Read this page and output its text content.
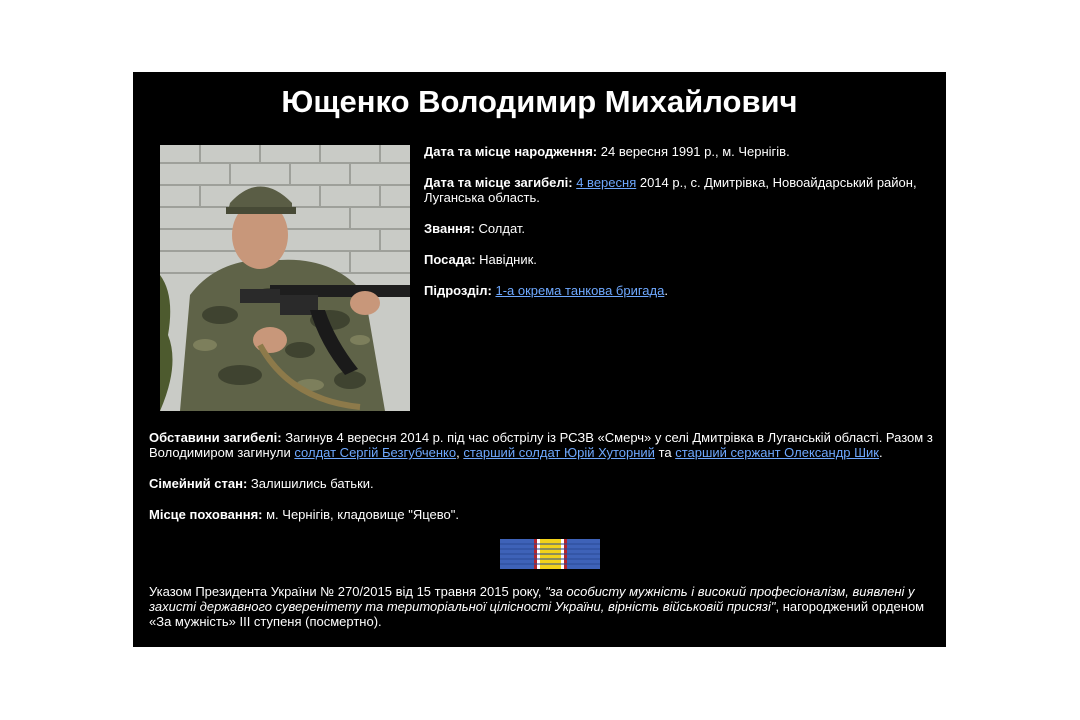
Ющенко Володимир Михайлович

Дата та місце народження: 24 вересня 1991 р., м. Чернігів.

Дата та місце загибелі: 4 вересня 2014 р., с. Дмитрівка, Новоайдарський район, Луганська область.

Звання: Солдат.

Посада: Навідник.

Підрозділ: 1-а окрема танкова бригада.

Обставини загибелі: Загинув 4 вересня 2014 р. під час обстрілу із РСЗВ «Смерч» у селі Дмитрівка в Луганській області. Разом з Володимиром загинули солдат Сергій Безгубченко, старший солдат Юрій Хуторний та старший сержант Олександр Шик.

Сімейний стан: Залишились батьки.

Місце поховання: м. Чернігів, кладовище "Яцево".

Указом Президента України № 270/2015 від 15 травня 2015 року, "за особисту мужність і високий професіоналізм, виявлені у захисті державного суверенітету та територіальної цілісності України, вірність військовій присязі", нагороджений орденом «За мужність» ІІІ ступеня (посмертно).
